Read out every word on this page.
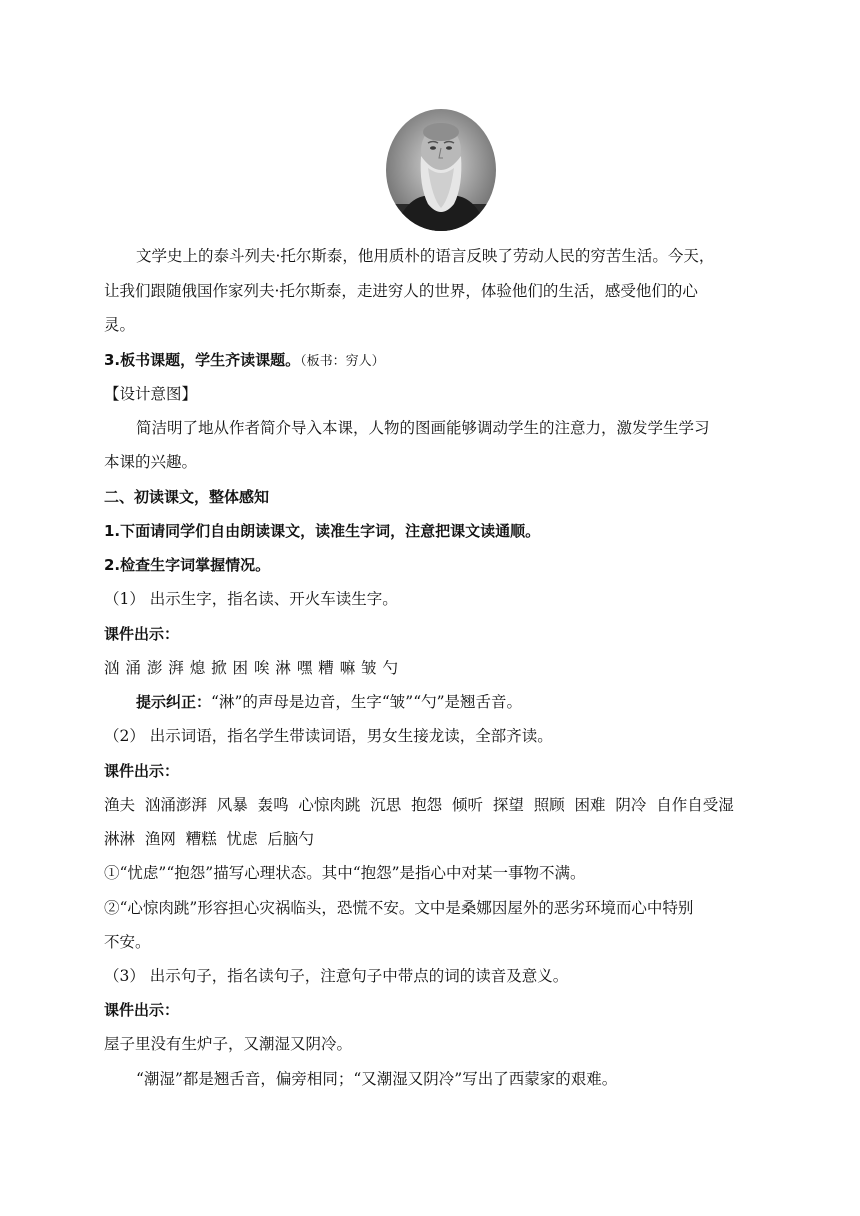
文学史上的泰斗列夫·托尔斯泰，他用质朴的语言反映了劳动人民的穷苦生活。今天，
让我们跟随俄国作家列夫·托尔斯泰，走进穷人的世界，体验他们的生活，感受他们的心
灵。
3.板书课题，学生齐读课题。（板书：穷人）
【设计意图】
简洁明了地从作者简介导入本课，人物的图画能够调动学生的注意力，激发学生学习
本课的兴趣。
二、初读课文，整体感知
1.下面请同学们自由朗读课文，读准生字词，注意把课文读通顺。
2.检查生字词掌握情况。
（1） 出示生字，指名读、开火车读生字。
课件出示：
汹 涌 澎 湃 熄 掀 困 唉 淋 嘿 糟 嘛 皱 勺
提示纠正：“淋”的声母是边音，生字“皱”“勺”是翘舌音。
（2） 出示词语，指名学生带读词语，男女生接龙读，全部齐读。
课件出示：
渔夫  汹涌澎湃  风暴  轰鸣  心惊肉跳  沉思  抱怨  倾听  探望  照顾  困难  阴冷  自作自受湿
淋淋  渔网  糟糕  忧虑  后脑勺
①“忧虑”“抱怨”描写心理状态。其中“抱怨”是指心中对某一事物不满。
②“心惊肉跳”形容担心灾祸临头，恐慌不安。文中是桑娜因屋外的恶劣环境而心中特别
不安。
（3） 出示句子，指名读句子，注意句子中带点的词的读音及意义。
课件出示：
屋子里没有生炉子，又潮湿又阴冷。
“潮湿”都是翘舌音，偏旁相同；“又潮湿又阴冷”写出了西蒙家的艰难。
